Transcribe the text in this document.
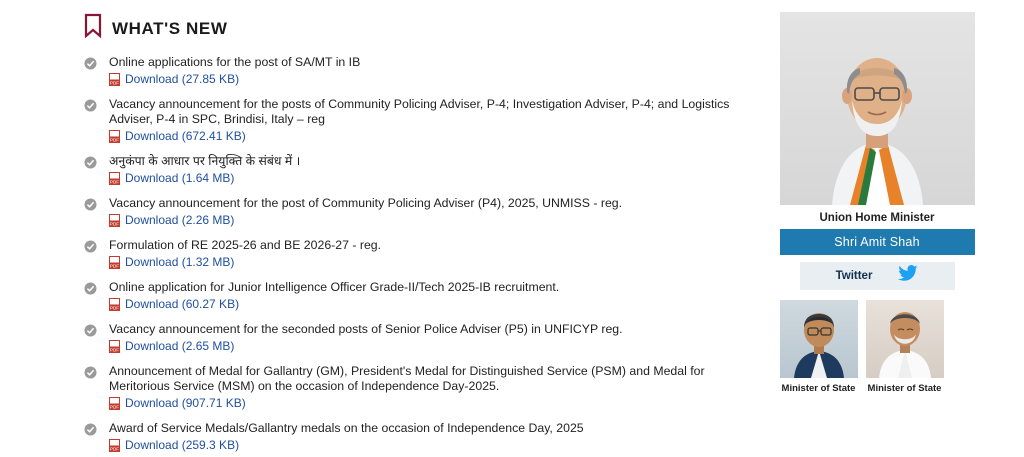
WHAT'S NEW
Online applications for the post of SA/MT in IB
PDF Download (27.85 KB)
Vacancy announcement for the posts of Community Policing Adviser, P-4; Investigation Adviser, P-4; and Logistics Adviser, P-4 in SPC, Brindisi, Italy – reg
PDF Download (672.41 KB)
अनुकंपा के आधार पर नियुक्ति के संबंध में ।
PDF Download (1.64 MB)
Vacancy announcement for the post of Community Policing Adviser (P4), 2025, UNMISS - reg.
PDF Download (2.26 MB)
Formulation of RE 2025-26 and BE 2026-27 - reg.
PDF Download (1.32 MB)
Online application for Junior Intelligence Officer Grade-II/Tech 2025-IB recruitment.
PDF Download (60.27 KB)
Vacancy announcement for the seconded posts of Senior Police Adviser (P5) in UNFICYP reg.
PDF Download (2.65 MB)
Announcement of Medal for Gallantry (GM), President's Medal for Distinguished Service (PSM) and Medal for Meritorious Service (MSM) on the occasion of Independence Day-2025.
PDF Download (907.71 KB)
Award of Service Medals/Gallantry medals on the occasion of Independence Day, 2025
PDF Download (259.3 KB)
Union Home Minister
Shri Amit Shah
Twitter
Minister of State Minister of State
